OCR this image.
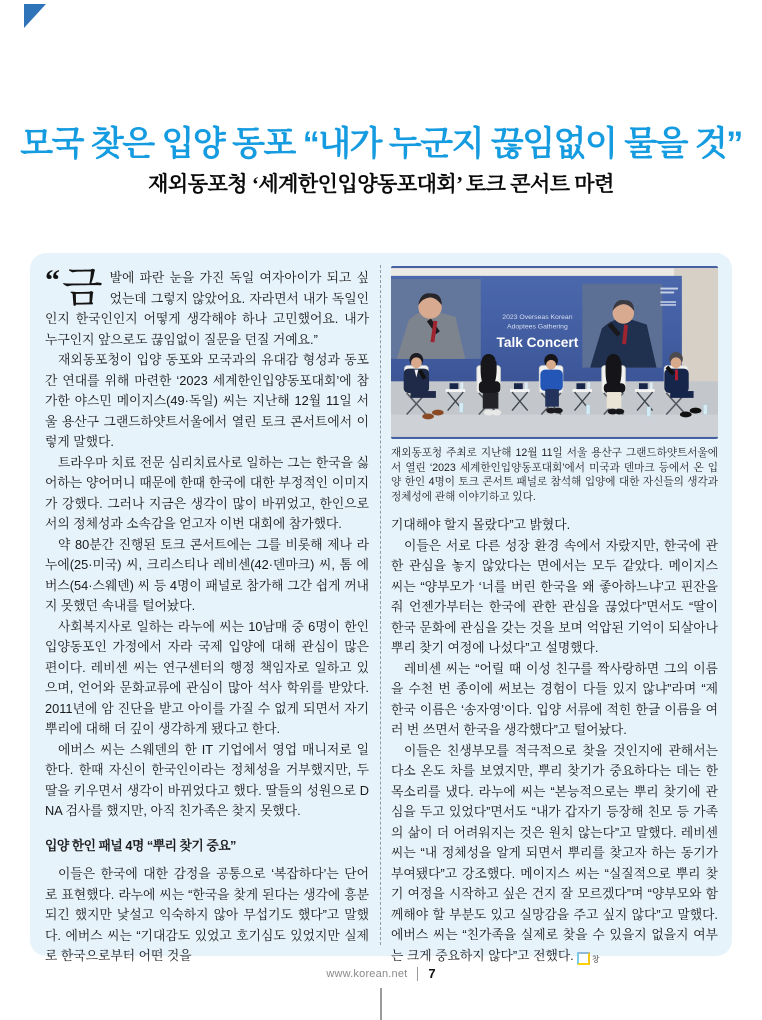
모국 찾은 입양 동포 “내가 누군지 끊임없이 물을 것”
재외동포청 ‘세계한인입양동포대회’ 토크 콘서트 마련

“ 금 발에 파란 눈을 가진 독일 여자아이가 되고 싶었는데 그렇지 않았어요. 자라면서 내가 독일인인지 한국인인지 어떻게 생각해야 하나 고민했어요. 내가 누구인지 앞으로도 끊임없이 질문을 던질 거예요.”

재외동포청이 입양 동포와 모국과의 유대감 형성과 동포 간 연대를 위해 마련한 ‘2023 세계한인입양동포대회’에 참가한 야스민 메이지스(49·독일) 씨는 지난해 12월 11일 서울 용산구 그랜드하얏트서울에서 열린 토크 콘서트에서 이렇게 말했다.

트라우마 치료 전문 심리치료사로 일하는 그는 한국을 싫어하는 양어머니 때문에 한때 한국에 대한 부정적인 이미지가 강했다. 그러나 지금은 생각이 많이 바뀌었고, 한인으로서의 정체성과 소속감을 얻고자 이번 대회에 참가했다.

약 80분간 진행된 토크 콘서트에는 그를 비롯해 제나 라누에(25·미국) 씨, 크리스티나 레비센(42·덴마크) 씨, 톰 에버스(54·스웨덴) 씨 등 4명이 패널로 참가해 그간 쉽게 꺼내지 못했던 속내를 털어놨다.

사회복지사로 일하는 라누에 씨는 10남매 중 6명이 한인 입양동포인 가정에서 자라 국제 입양에 대해 관심이 많은 편이다. 레비센 씨는 연구센터의 행정 책임자로 일하고 있으며, 언어와 문화교류에 관심이 많아 석사 학위를 받았다. 2011년에 암 진단을 받고 아이를 가질 수 없게 되면서 자기 뿌리에 대해 더 깊이 생각하게 됐다고 한다.

에버스 씨는 스웨덴의 한 IT 기업에서 영업 매니저로 일한다. 한때 자신이 한국인이라는 정체성을 거부했지만, 두 딸을 키우면서 생각이 바뀌었다고 했다. 딸들의 성원으로 DNA 검사를 했지만, 아직 친가족은 찾지 못했다.

입양 한인 패널 4명 “뿌리 찾기 중요”

이들은 한국에 대한 감정을 공통으로 ‘복잡하다’는 단어로 표현했다. 라누에 씨는 “한국을 찾게 된다는 생각에 흥분되긴 했지만 낯설고 익숙하지 않아 무섭기도 했다”고 말했다. 에버스 씨는 “기대감도 있었고 호기심도 있었지만 실제로 한국으로부터 어떤 것을

2023 Overseas Korean
Adoptees Gathering
Talk Concert

재외동포청 주최로 지난해 12월 11일 서울 용산구 그랜드하얏트서울에서 열린 ‘2023 세계한인입양동포대회’에서 미국과 덴마크 등에서 온 입양 한인 4명이 토크 콘서트 패널로 참석해 입양에 대한 자신들의 생각과 정체성에 관해 이야기하고 있다.

기대해야 할지 몰랐다”고 밝혔다.

이들은 서로 다른 성장 환경 속에서 자랐지만, 한국에 관한 관심을 놓지 않았다는 면에서는 모두 같았다. 메이지스 씨는 “양부모가 ‘너를 버린 한국을 왜 좋아하느냐’고 핀잔을 줘 언젠가부터는 한국에 관한 관심을 끊었다”면서도 “딸이 한국 문화에 관심을 갖는 것을 보며 억압된 기억이 되살아나 뿌리 찾기 여정에 나섰다”고 설명했다.

레비센 씨는 “어릴 때 이성 친구를 짝사랑하면 그의 이름을 수천 번 종이에 써보는 경험이 다들 있지 않냐”라며 “제 한국 이름은 ‘송자영’이다. 입양 서류에 적힌 한글 이름을 여러 번 쓰면서 한국을 생각했다”고 털어놨다.

이들은 친생부모를 적극적으로 찾을 것인지에 관해서는 다소 온도 차를 보였지만, 뿌리 찾기가 중요하다는 데는 한목소리를 냈다. 라누에 씨는 “본능적으로는 뿌리 찾기에 관심을 두고 있었다”면서도 “내가 갑자기 등장해 친모 등 가족의 삶이 더 어려워지는 것은 원치 않는다”고 말했다. 레비센 씨는 “내 정체성을 알게 되면서 뿌리를 찾고자 하는 동기가 부여됐다”고 강조했다. 메이지스 씨는 “실질적으로 뿌리 찾기 여정을 시작하고 싶은 건지 잘 모르겠다”며 “양부모와 함께해야 할 부분도 있고 실망감을 주고 싶지 않다”고 말했다. 에버스 씨는 “친가족을 실제로 찾을 수 있을지 없을지 여부는 크게 중요하지 않다”고 전했다. 창

www.korean.net 7
